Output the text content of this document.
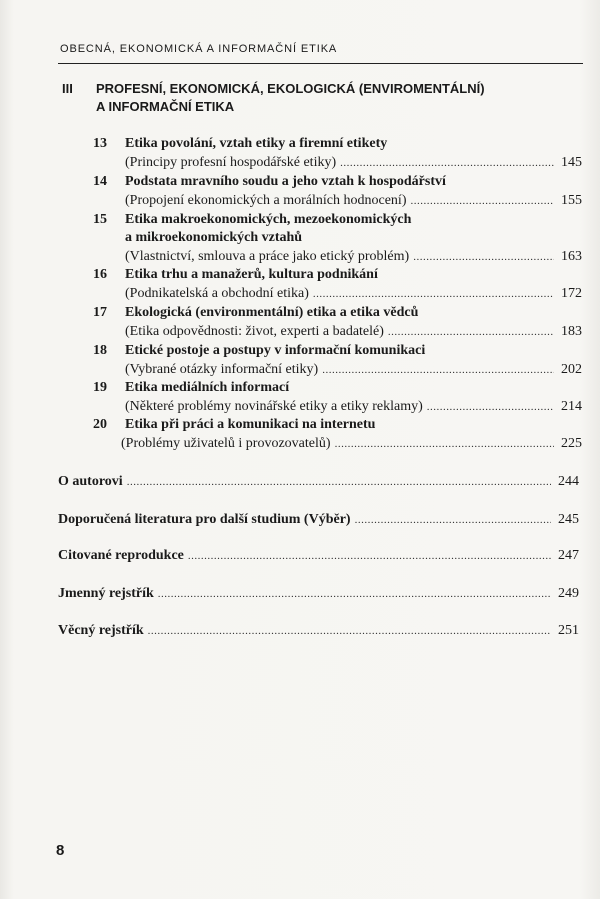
OBECNÁ, EKONOMICKÁ A INFORMAČNÍ ETIKA
III PROFESNÍ, EKONOMICKÁ, EKOLOGICKÁ (ENVIROMENTÁLNÍ)
A INFORMAČNÍ ETIKA
13 Etika povolání, vztah etiky a firemní etikety
(Principy profesní hospodářské etiky) .....	145
14 Podstata mravního soudu a jeho vztah k hospodářství
(Propojení ekonomických a morálních hodnocení) .....	155
15 Etika makroekonomických, mezoekonomických
a mikroekonomických vztahů
(Vlastnictví, smlouva a práce jako etický problém) .....	163
16 Etika trhu a manažerů, kultura podnikání
(Podnikatelská a obchodní etika) .....	172
17 Ekologická (environmentální) etika a etika vědců
(Etika odpovědnosti: život, experti a badatelé) .....	183
18 Etické postoje a postupy v informační komunikaci
(Vybrané otázky informační etiky) .....	202
19 Etika mediálních informací
(Některé problémy novinářské etiky a etiky reklamy) .....	214
20 Etika při práci a komunikaci na internetu
(Problémy uživatelů i provozovatelů) .....	225
O autorovi .....	244
Doporučená literatura pro další studium (Výběr) .....	245
Citované reprodukce .....	247
Jmenný rejstřík .....	249
Věcný rejstřík .....	251
8
